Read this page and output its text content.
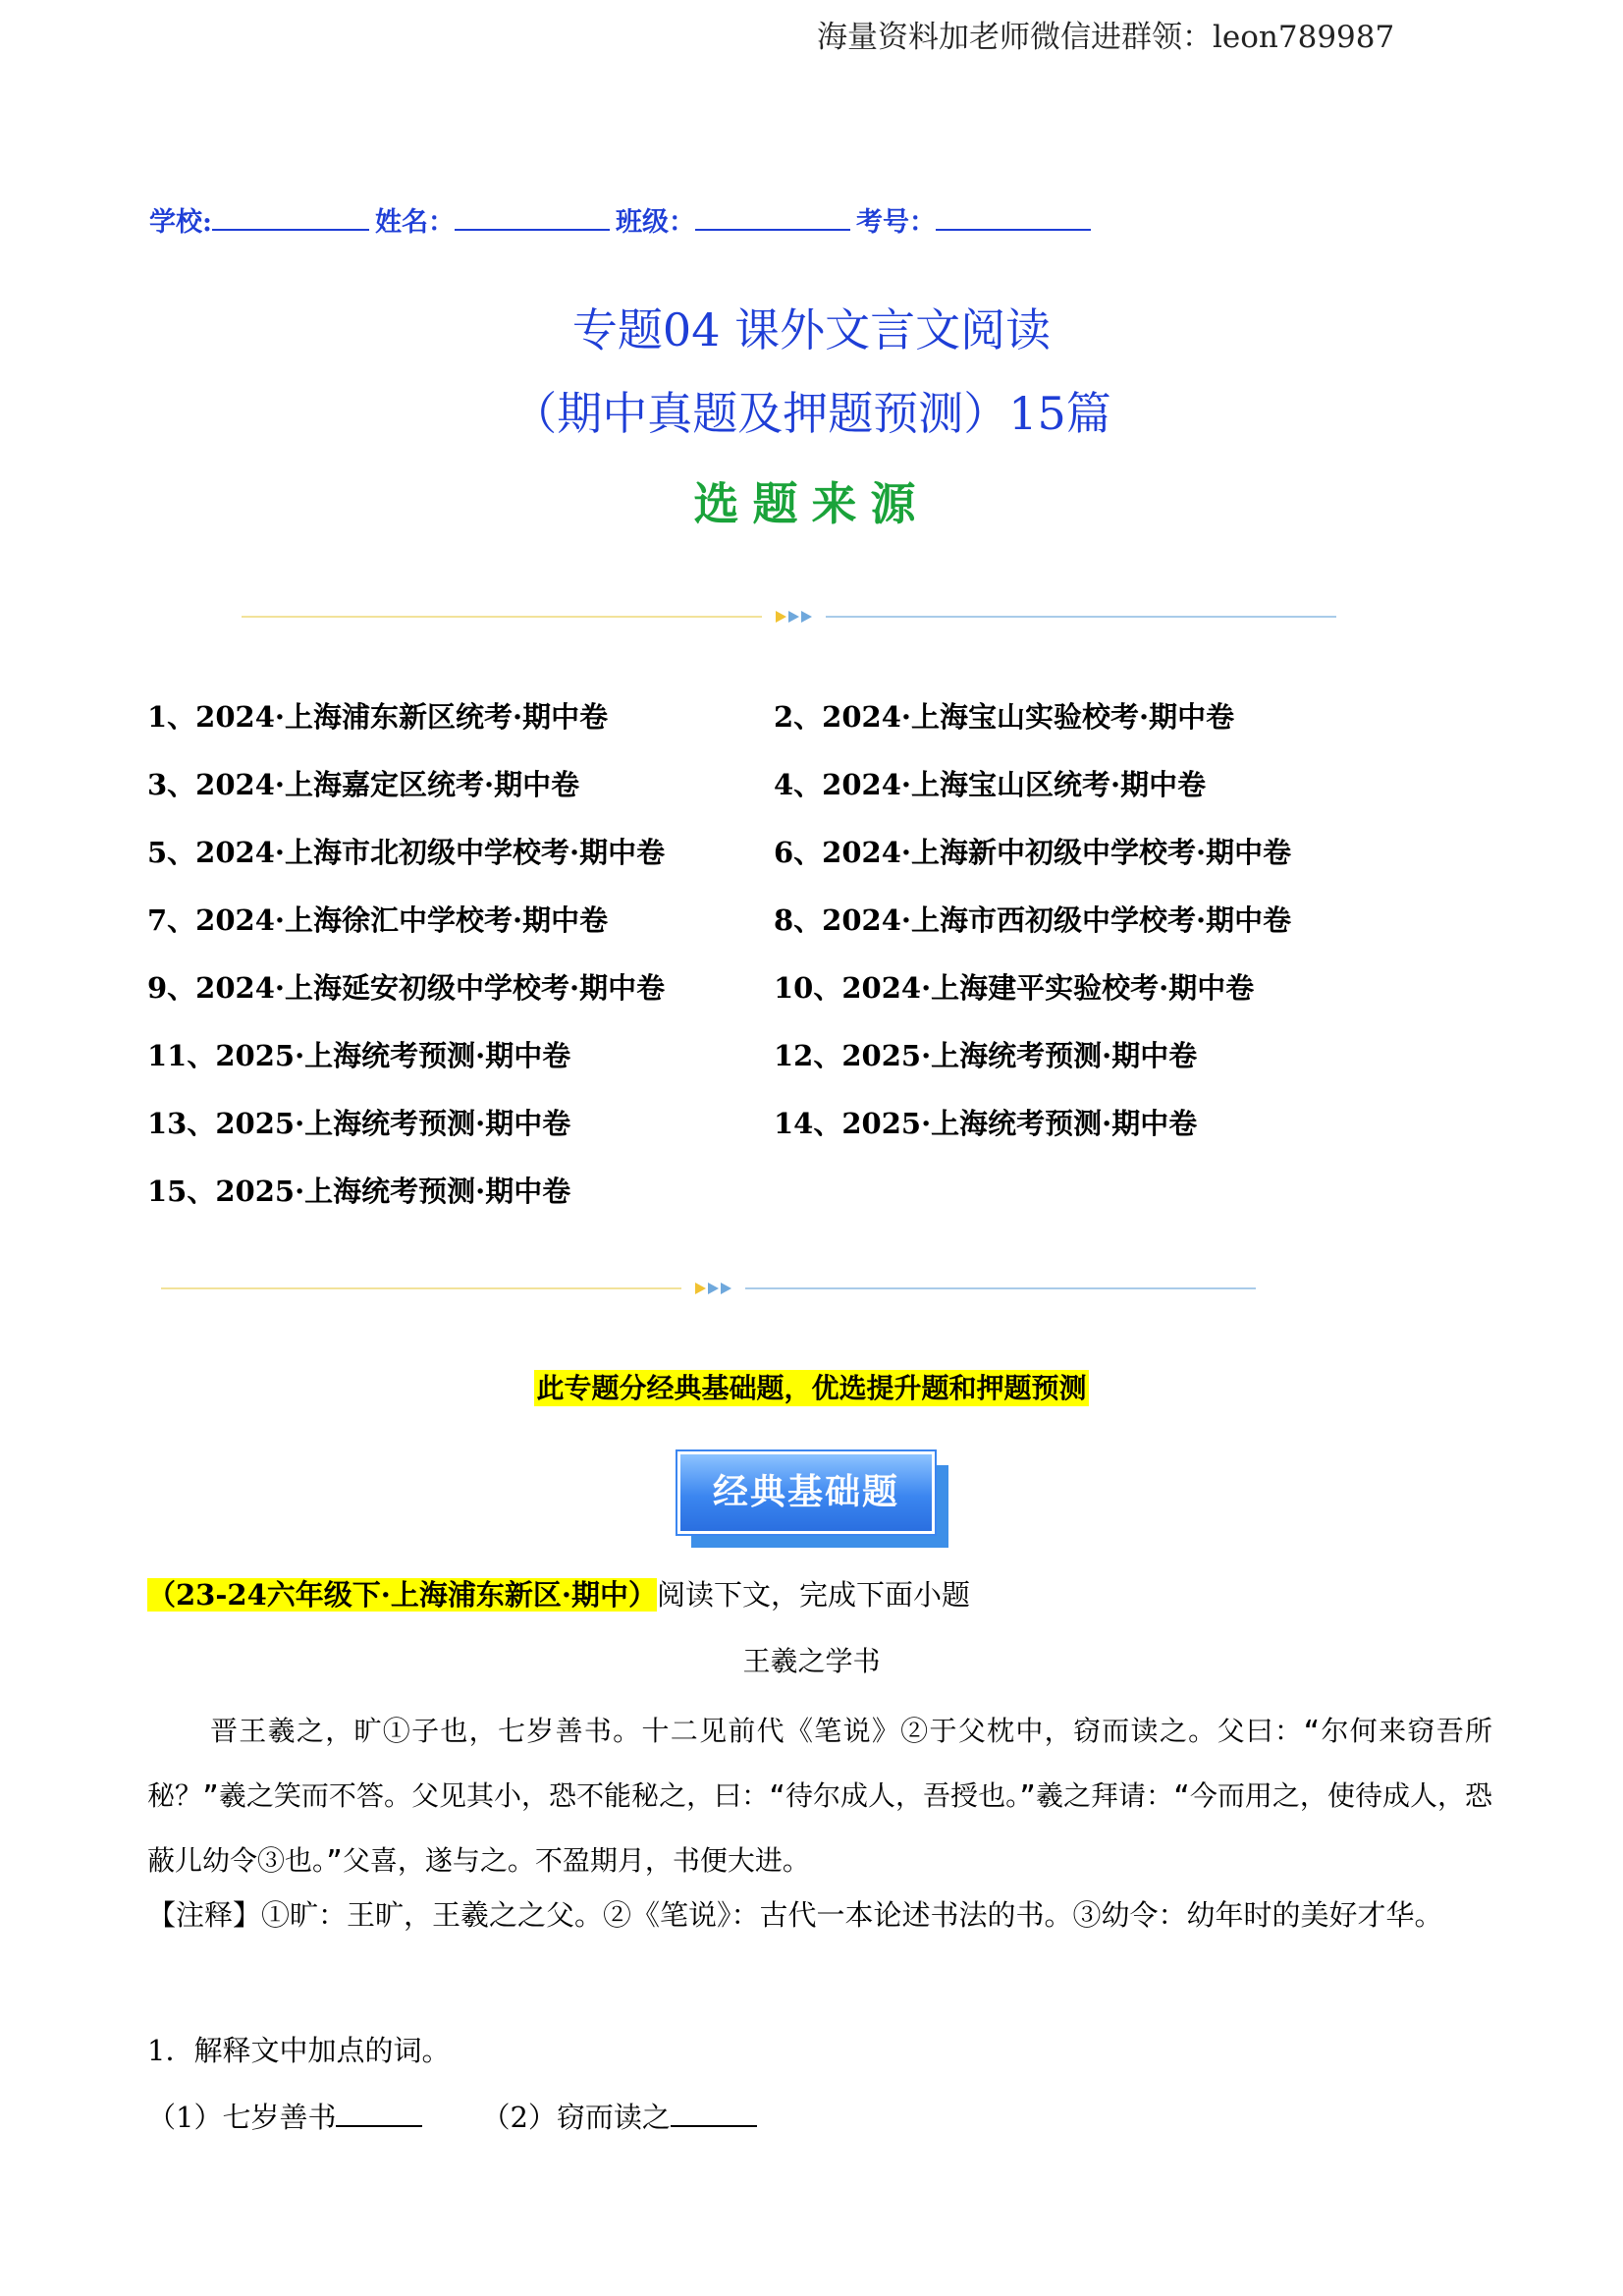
海量资料加老师微信进群领：leon789987
学校:	姓名：	班级：	考号：
专题04 课外文言文阅读
（期中真题及押题预测）15篇
选题来源
1、2024·上海浦东新区统考·期中卷	2、2024·上海宝山实验校考·期中卷
3、2024·上海嘉定区统考·期中卷	4、2024·上海宝山区统考·期中卷
5、2024·上海市北初级中学校考·期中卷	6、2024·上海新中初级中学校考·期中卷
7、2024·上海徐汇中学校考·期中卷	8、2024·上海市西初级中学校考·期中卷
9、2024·上海延安初级中学校考·期中卷	10、2024·上海建平实验校考·期中卷
11、2025·上海统考预测·期中卷	12、2025·上海统考预测·期中卷
13、2025·上海统考预测·期中卷	14、2025·上海统考预测·期中卷
15、2025·上海统考预测·期中卷
此专题分经典基础题，优选提升题和押题预测
经典基础题
（23-24六年级下·上海浦东新区·期中）阅读下文，完成下面小题
王羲之学书
晋王羲之，旷①子也，七岁善书。十二见前代《笔说》②于父枕中，窃而读之。父曰：“尔何来窃吾所秘？”羲之笑而不答。父见其小，恐不能秘之，曰：“待尔成人，吾授也。”羲之拜请：“今而用之，使待成人，恐蔽儿幼令③也。”父喜，遂与之。不盈期月，书便大进。
【注释】①旷：王旷，王羲之之父。②《笔说》：古代一本论述书法的书。③幼令：幼年时的美好才华。
1．解释文中加点的词。
（1）七岁善书	（2）窃而读之
